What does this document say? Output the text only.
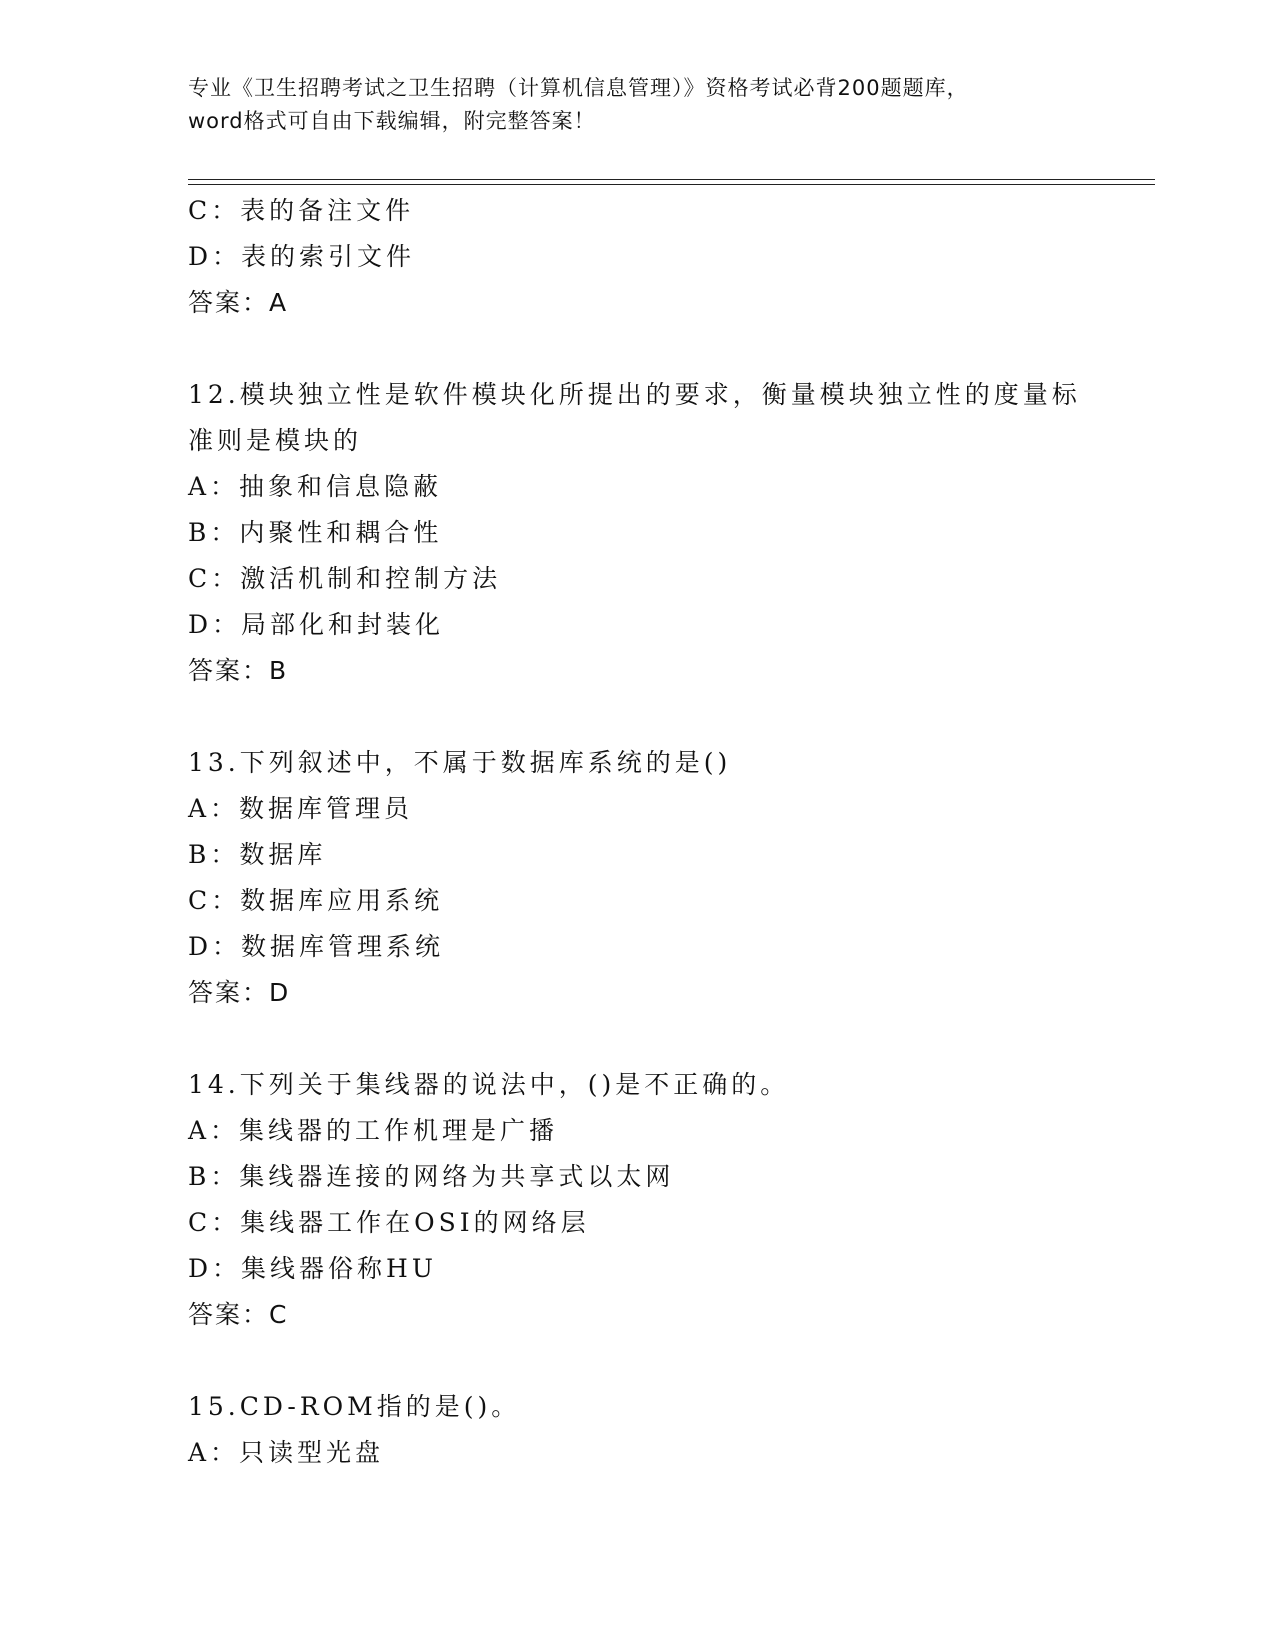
专业《卫生招聘考试之卫生招聘（计算机信息管理）》资格考试必背200题题库，
word格式可自由下载编辑，附完整答案！
C：表的备注文件
D：表的索引文件
答案：A
12.模块独立性是软件模块化所提出的要求，衡量模块独立性的度量标
准则是模块的
A：抽象和信息隐蔽
B：内聚性和耦合性
C：激活机制和控制方法
D：局部化和封装化
答案：B
13.下列叙述中，不属于数据库系统的是()
A：数据库管理员
B：数据库
C：数据库应用系统
D：数据库管理系统
答案：D
14.下列关于集线器的说法中，()是不正确的。
A：集线器的工作机理是广播
B：集线器连接的网络为共享式以太网
C：集线器工作在OSI的网络层
D：集线器俗称HU
答案：C
15.CD-ROM指的是()。
A：只读型光盘
